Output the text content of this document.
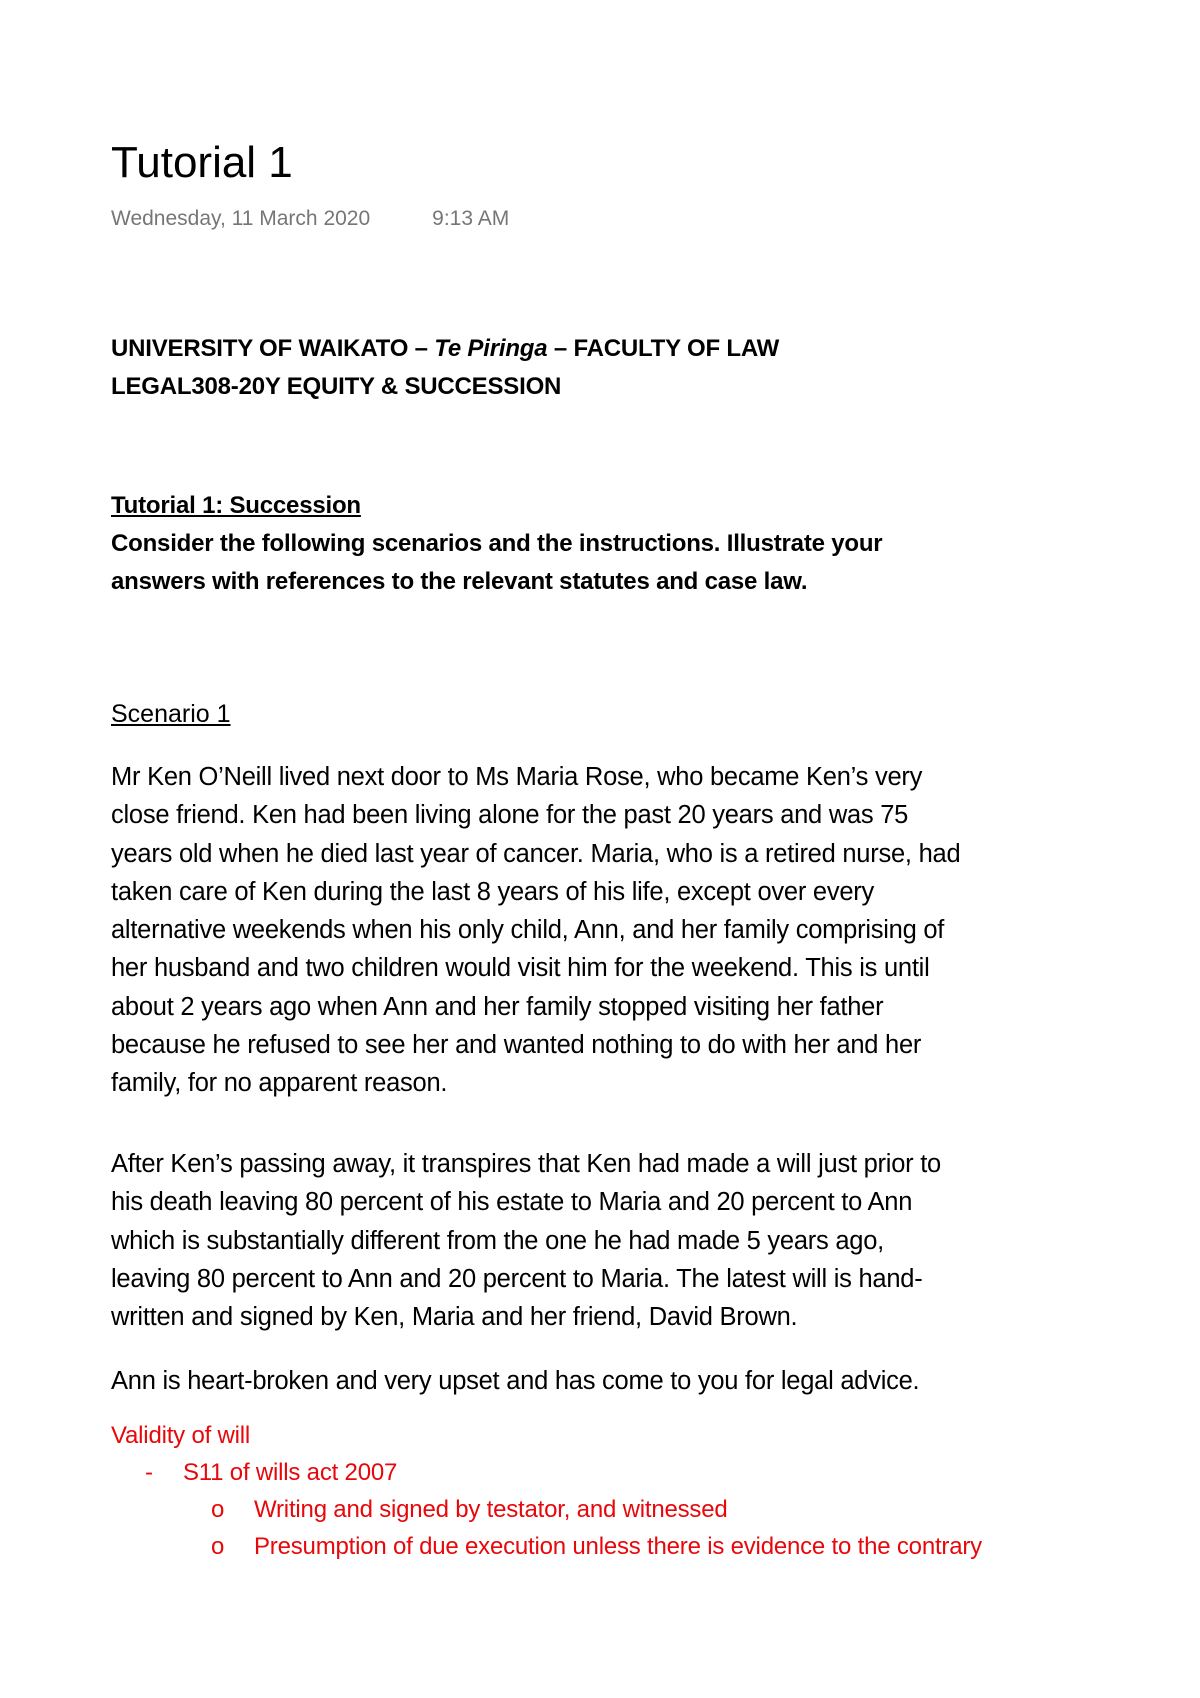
Tutorial 1
Wednesday, 11 March 2020	9:13 AM
UNIVERSITY OF WAIKATO – Te Piringa – FACULTY OF LAW
LEGAL308-20Y EQUITY & SUCCESSION
Tutorial 1: Succession
Consider the following scenarios and the instructions. Illustrate your
answers with references to the relevant statutes and case law.
Scenario 1

Mr Ken O’Neill lived next door to Ms Maria Rose, who became Ken’s very
close friend. Ken had been living alone for the past 20 years and was 75
years old when he died last year of cancer. Maria, who is a retired nurse, had
taken care of Ken during the last 8 years of his life, except over every
alternative weekends when his only child, Ann, and her family comprising of
her husband and two children would visit him for the weekend. This is until
about 2 years ago when Ann and her family stopped visiting her father
because he refused to see her and wanted nothing to do with her and her
family, for no apparent reason.

After Ken’s passing away, it transpires that Ken had made a will just prior to
his death leaving 80 percent of his estate to Maria and 20 percent to Ann
which is substantially different from the one he had made 5 years ago,
leaving 80 percent to Ann and 20 percent to Maria. The latest will is hand-
written and signed by Ken, Maria and her friend, David Brown.

Ann is heart-broken and very upset and has come to you for legal advice.

Validity of will
- S11 of wills act 2007
o Writing and signed by testator, and witnessed
o Presumption of due execution unless there is evidence to the contrary
